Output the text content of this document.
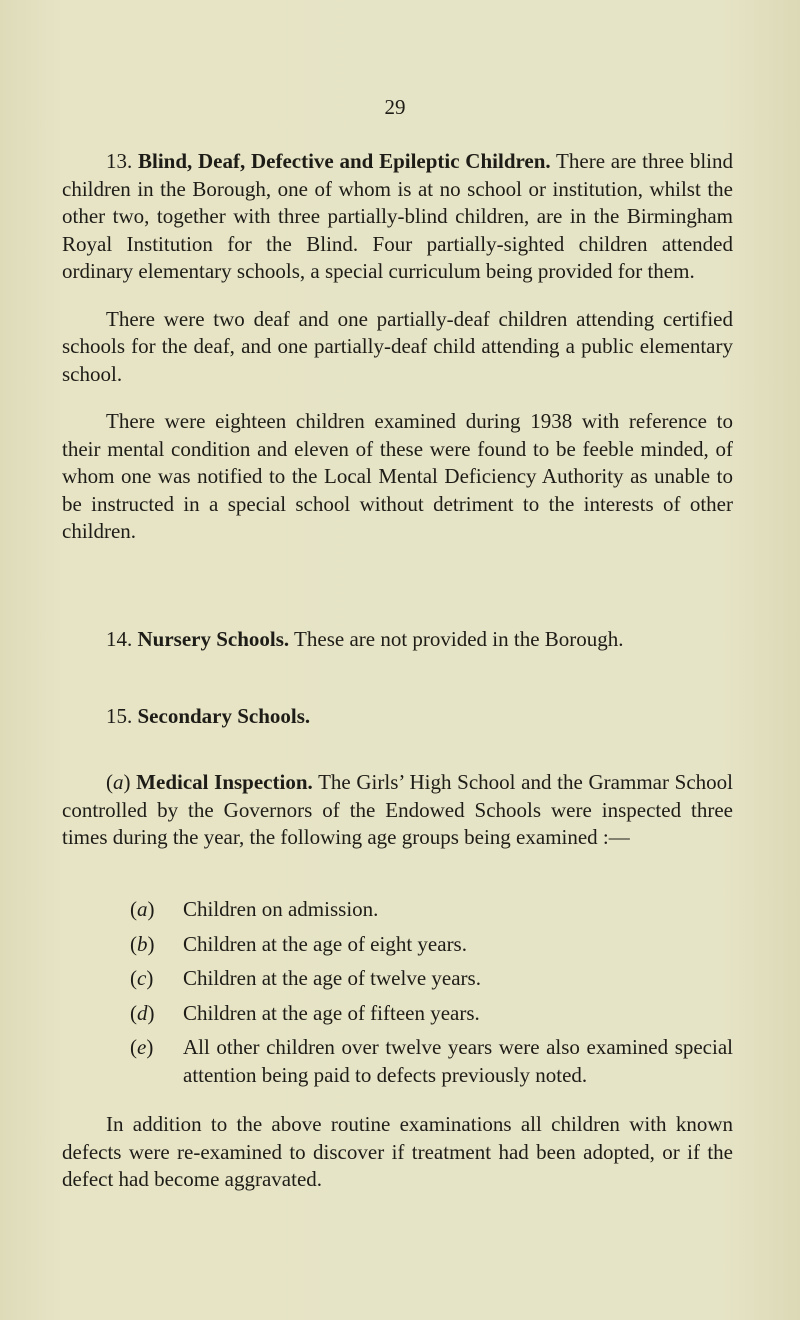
29

13. Blind, Deaf, Defective and Epileptic Children. There are three blind children in the Borough, one of whom is at no school or institution, whilst the other two, together with three partially-blind children, are in the Birmingham Royal Institution for the Blind. Four partially-sighted children attended ordinary elementary schools, a special curriculum being provided for them.

There were two deaf and one partially-deaf children attending certified schools for the deaf, and one partially-deaf child attending a public elementary school.

There were eighteen children examined during 1938 with reference to their mental condition and eleven of these were found to be feeble minded, of whom one was notified to the Local Mental Deficiency Authority as unable to be instructed in a special school without detriment to the interests of other children.

14. Nursery Schools. These are not provided in the Borough.

15. Secondary Schools.

(a) Medical Inspection. The Girls’ High School and the Grammar School controlled by the Governors of the Endowed Schools were inspected three times during the year, the following age groups being examined :—

(a)	Children on admission.
(b)	Children at the age of eight years.
(c)	Children at the age of twelve years.
(d)	Children at the age of fifteen years.
(e)	All other children over twelve years were also examined special attention being paid to defects previously noted.

In addition to the above routine examinations all children with known defects were re-examined to discover if treatment had been adopted, or if the defect had become aggravated.
